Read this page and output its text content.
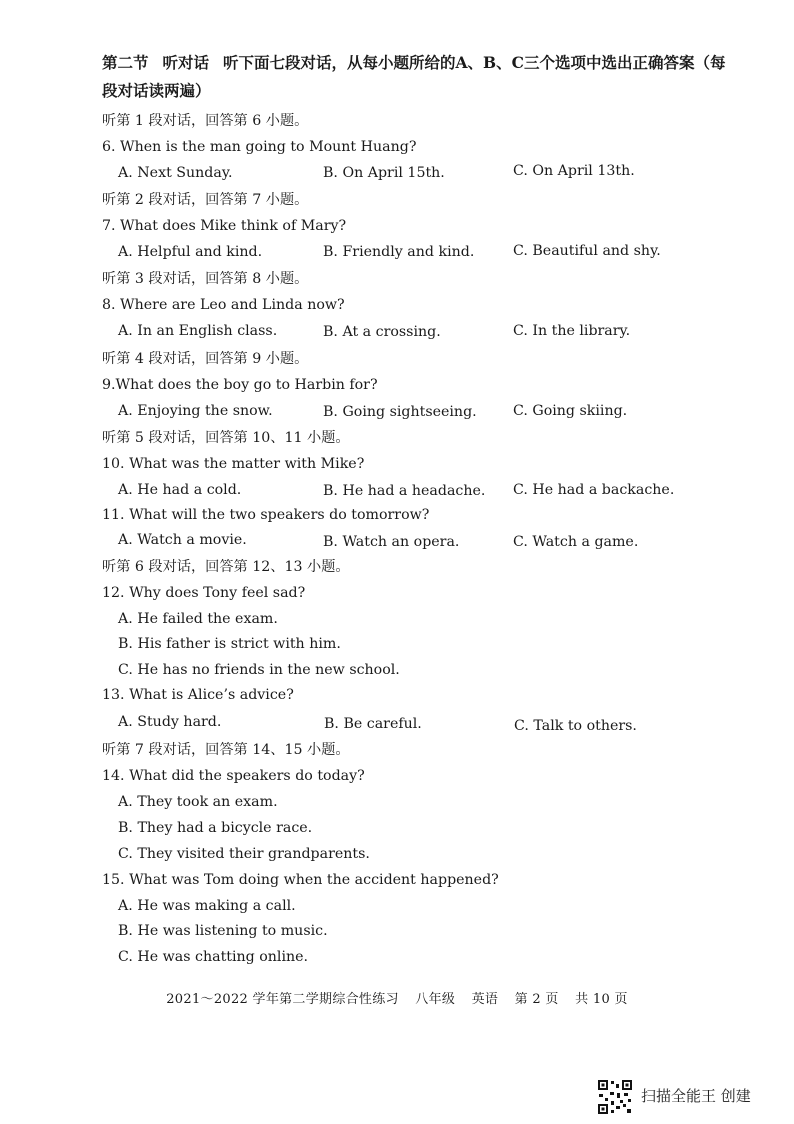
第二节 听对话 听下面七段对话，从每小题所给的A、B、C三个选项中选出正确答案（每
段对话读两遍）
听第 1 段对话，回答第 6 小题。
6. When is the man going to Mount Huang?
A. Next Sunday.	B. On April 15th.	C. On April 13th.
听第 2 段对话，回答第 7 小题。
7. What does Mike think of Mary?
A. Helpful and kind.	B. Friendly and kind.	C. Beautiful and shy.
听第 3 段对话，回答第 8 小题。
8. Where are Leo and Linda now?
A. In an English class.	B. At a crossing.	C. In the library.
听第 4 段对话，回答第 9 小题。
9.What does the boy go to Harbin for?
A. Enjoying the snow.	B. Going sightseeing.	C. Going skiing.
听第 5 段对话，回答第 10、11 小题。
10. What was the matter with Mike?
A. He had a cold.	B. He had a headache. C. He had a backache.
11. What will the two speakers do tomorrow?
A. Watch a movie.	B. Watch an opera.	C. Watch a game.
听第 6 段对话，回答第 12、13 小题。
12. Why does Tony feel sad?
A. He failed the exam.
B. His father is strict with him.
C. He has no friends in the new school.
13. What is Alice’s advice?
A. Study hard.	B. Be careful.	C. Talk to others.
听第 7 段对话，回答第 14、15 小题。
14. What did the speakers do today?
A. They took an exam.
B. They had a bicycle race.
C. They visited their grandparents.
15. What was Tom doing when the accident happened?
A. He was making a call.
B. He was listening to music.
C. He was chatting online.
2021～2022 学年第二学期综合性练习 八年级 英语 第 2 页 共 10 页
扫描全能王 创建
